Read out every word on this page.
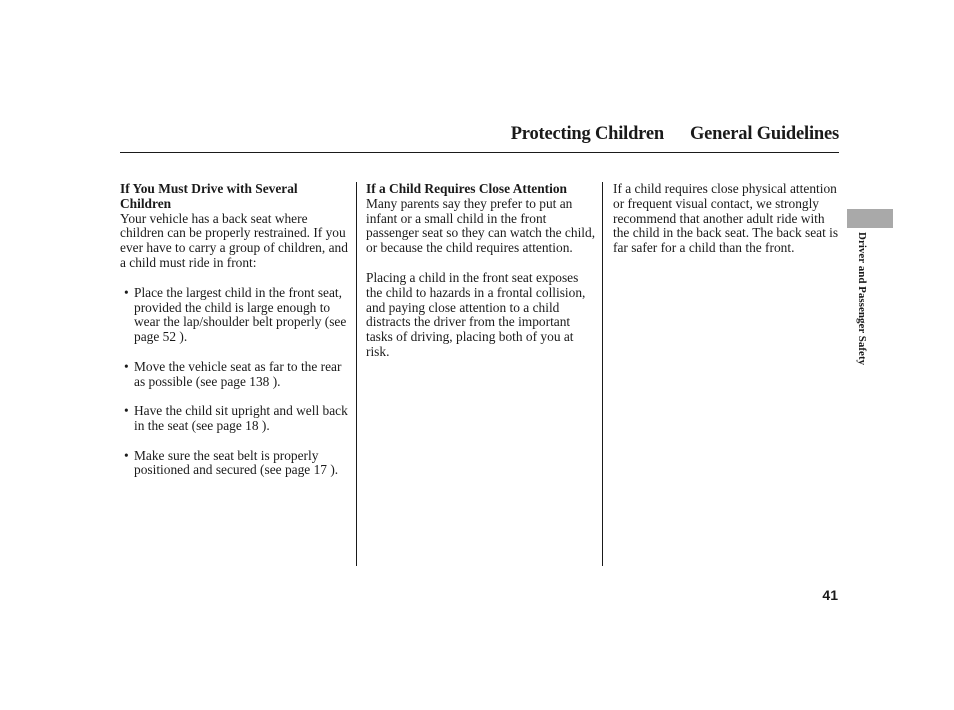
Protecting Children General Guidelines
If You Must Drive with Several Children
Your vehicle has a back seat where children can be properly restrained. If you ever have to carry a group of children, and a child must ride in front:
• Place the largest child in the front seat, provided the child is large enough to wear the lap/shoulder belt properly (see page 52 ).
• Move the vehicle seat as far to the rear as possible (see page 138 ).
• Have the child sit upright and well back in the seat (see page 18 ).
• Make sure the seat belt is properly positioned and secured (see page 17 ).
If a Child Requires Close Attention
Many parents say they prefer to put an infant or a small child in the front passenger seat so they can watch the child, or because the child requires attention.
Placing a child in the front seat exposes the child to hazards in a frontal collision, and paying close attention to a child distracts the driver from the important tasks of driving, placing both of you at risk.
If a child requires close physical attention or frequent visual contact, we strongly recommend that another adult ride with the child in the back seat. The back seat is far safer for a child than the front.	Driver and Passenger Safety
41
